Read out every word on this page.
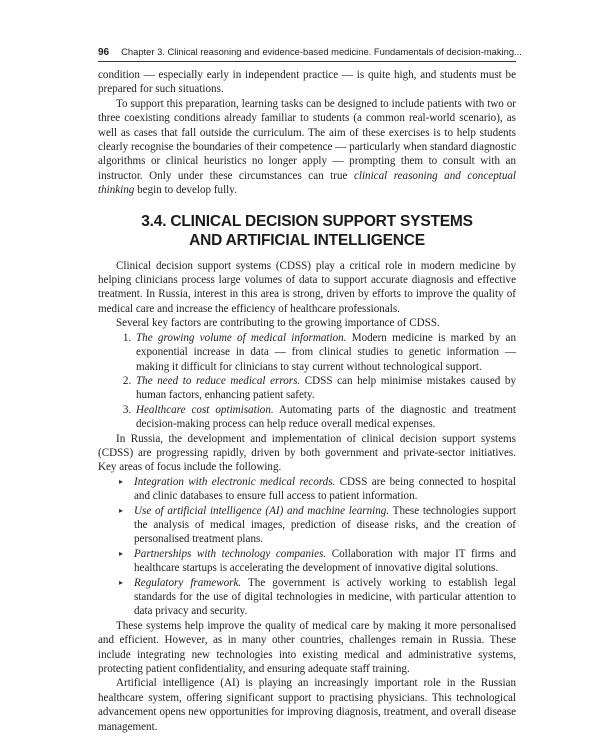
96 Chapter 3. Clinical reasoning and evidence-based medicine. Fundamentals of decision-making...

condition — especially early in independent practice — is quite high, and students must be prepared for such situations.

To support this preparation, learning tasks can be designed to include patients with two or three coexisting conditions already familiar to students (a common real-world scenario), as well as cases that fall outside the curriculum. The aim of these exercises is to help students clearly recognise the boundaries of their competence — particularly when standard diagnostic algorithms or clinical heuristics no longer apply — prompting them to consult with an instructor. Only under these circumstances can true clinical reasoning and conceptual thinking begin to develop fully.

3.4. CLINICAL DECISION SUPPORT SYSTEMS
AND ARTIFICIAL INTELLIGENCE

Clinical decision support systems (CDSS) play a critical role in modern medicine by helping clinicians process large volumes of data to support accurate diagnosis and effective treatment. In Russia, interest in this area is strong, driven by efforts to improve the quality of medical care and increase the efficiency of healthcare professionals.

Several key factors are contributing to the growing importance of CDSS.

1. The growing volume of medical information. Modern medicine is marked by an exponential increase in data — from clinical studies to genetic information — making it difficult for clinicians to stay current without technological support.
2. The need to reduce medical errors. CDSS can help minimise mistakes caused by human factors, enhancing patient safety.
3. Healthcare cost optimisation. Automating parts of the diagnostic and treatment decision-making process can help reduce overall medical expenses.

In Russia, the development and implementation of clinical decision support systems (CDSS) are progressing rapidly, driven by both government and private-sector initiatives. Key areas of focus include the following.

▸ Integration with electronic medical records. CDSS are being connected to hospital and clinic databases to ensure full access to patient information.
▸ Use of artificial intelligence (AI) and machine learning. These technologies support the analysis of medical images, prediction of disease risks, and the creation of personalised treatment plans.
▸ Partnerships with technology companies. Collaboration with major IT firms and healthcare startups is accelerating the development of innovative digital solutions.
▸ Regulatory framework. The government is actively working to establish legal standards for the use of digital technologies in medicine, with particular attention to data privacy and security.

These systems help improve the quality of medical care by making it more personalised and efficient. However, as in many other countries, challenges remain in Russia. These include integrating new technologies into existing medical and administrative systems, protecting patient confidentiality, and ensuring adequate staff training.

Artificial intelligence (AI) is playing an increasingly important role in the Russian healthcare system, offering significant support to practising physicians. This technological advancement opens new opportunities for improving diagnosis, treatment, and overall disease management.
